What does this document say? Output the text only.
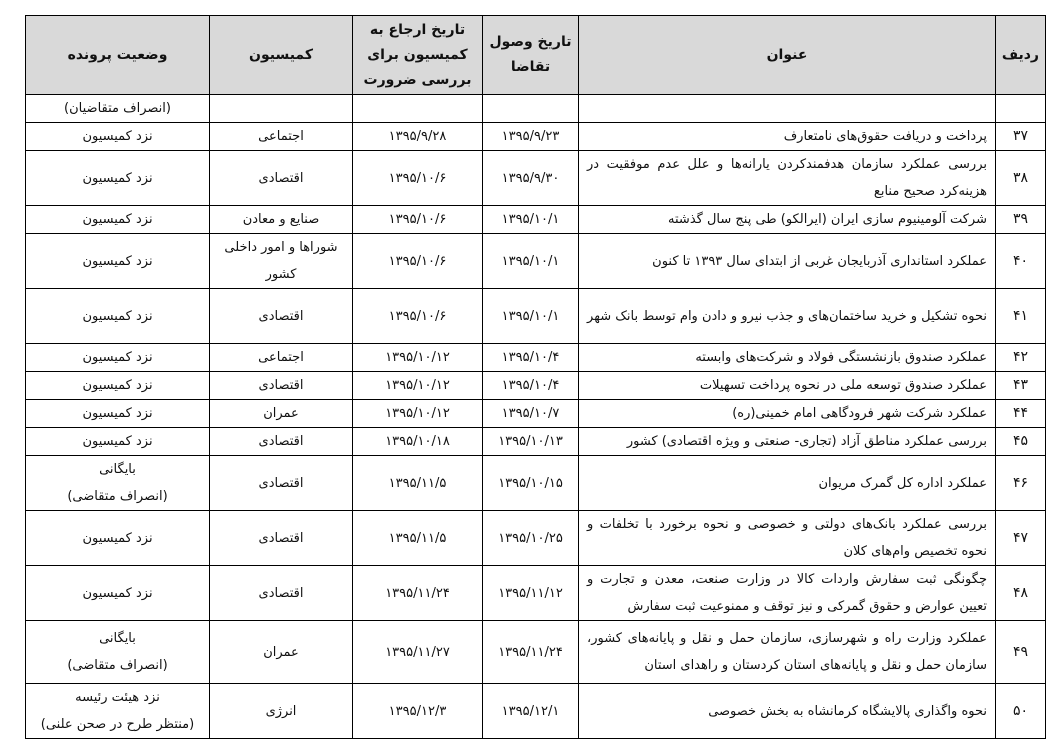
ردیف	عنوان	تاریخ وصول تقاضا	تاریخ ارجاع به کمیسیون برای بررسی ضرورت	کمیسیون	وضعیت پرونده
					(انصراف متقاضیان)
۳۷	پرداخت و دریافت حقوق‌های نامتعارف	۱۳۹۵/۹/۲۳	۱۳۹۵/۹/۲۸	اجتماعی	نزد کمیسیون

۳۸	بررسی عملکرد سازمان هدفمندکردن یارانه‌ها و علل عدم موفقیت در هزینه‌کرد صحیح منابع	۱۳۹۵/۹/۳۰	۱۳۹۵/۱۰/۶	اقتصادی	نزد کمیسیون

۳۹	شرکت آلومینیوم سازی ایران (ایرالکو) طی پنج سال گذشته	۱۳۹۵/۱۰/۱	۱۳۹۵/۱۰/۶	صنایع و معادن	نزد کمیسیون

۴۰	عملکرد استانداری آذربایجان غربی از ابتدای سال ۱۳۹۳ تا کنون	۱۳۹۵/۱۰/۱	۱۳۹۵/۱۰/۶	شوراها و امور داخلی کشور	نزد کمیسیون

۴۱	نحوه تشکیل و خرید ساختمان‌های و جذب نیرو و دادن وام توسط بانک شهر	۱۳۹۵/۱۰/۱	۱۳۹۵/۱۰/۶	اقتصادی	نزد کمیسیون

۴۲	عملکرد صندوق بازنشستگی فولاد و شرکت‌های وابسته	۱۳۹۵/۱۰/۴	۱۳۹۵/۱۰/۱۲	اجتماعی	نزد کمیسیون

۴۳	عملکرد صندوق توسعه ملی در نحوه پرداخت تسهیلات	۱۳۹۵/۱۰/۴	۱۳۹۵/۱۰/۱۲	اقتصادی	نزد کمیسیون

۴۴	عملکرد شرکت شهر فرودگاهی امام خمینی(ره)	۱۳۹۵/۱۰/۷	۱۳۹۵/۱۰/۱۲	عمران	نزد کمیسیون

۴۵	بررسی عملکرد مناطق آزاد (تجاری- صنعتی و ویژه اقتصادی) کشور	۱۳۹۵/۱۰/۱۳	۱۳۹۵/۱۰/۱۸	اقتصادی	نزد کمیسیون

۴۶	عملکرد اداره کل گمرک مریوان	۱۳۹۵/۱۰/۱۵	۱۳۹۵/۱۱/۵	اقتصادی	بایگانی
(انصراف متقاضی)

۴۷	بررسی عملکرد بانک‌های دولتی و خصوصی و نحوه برخورد با تخلفات و نحوه تخصیص وام‌های کلان	۱۳۹۵/۱۰/۲۵	۱۳۹۵/۱۱/۵	اقتصادی	نزد کمیسیون

۴۸	چگونگی ثبت سفارش واردات کالا در وزارت صنعت، معدن و تجارت و تعیین عوارض و حقوق گمرکی و نیز توقف و ممنوعیت ثبت سفارش	۱۳۹۵/۱۱/۱۲	۱۳۹۵/۱۱/۲۴	اقتصادی	نزد کمیسیون

۴۹	عملکرد وزارت راه و شهرسازی، سازمان حمل و نقل و پایانه‌های کشور، سازمان حمل و نقل و پایانه‌های استان کردستان و راهدای استان	۱۳۹۵/۱۱/۲۴	۱۳۹۵/۱۱/۲۷	عمران	بایگانی
(انصراف متقاضی)

۵۰	نحوه واگذاری پالایشگاه کرمانشاه به بخش خصوصی	۱۳۹۵/۱۲/۱	۱۳۹۵/۱۲/۳	انرژی	نزد هیئت رئیسه
(منتظر طرح در صحن علنی)
